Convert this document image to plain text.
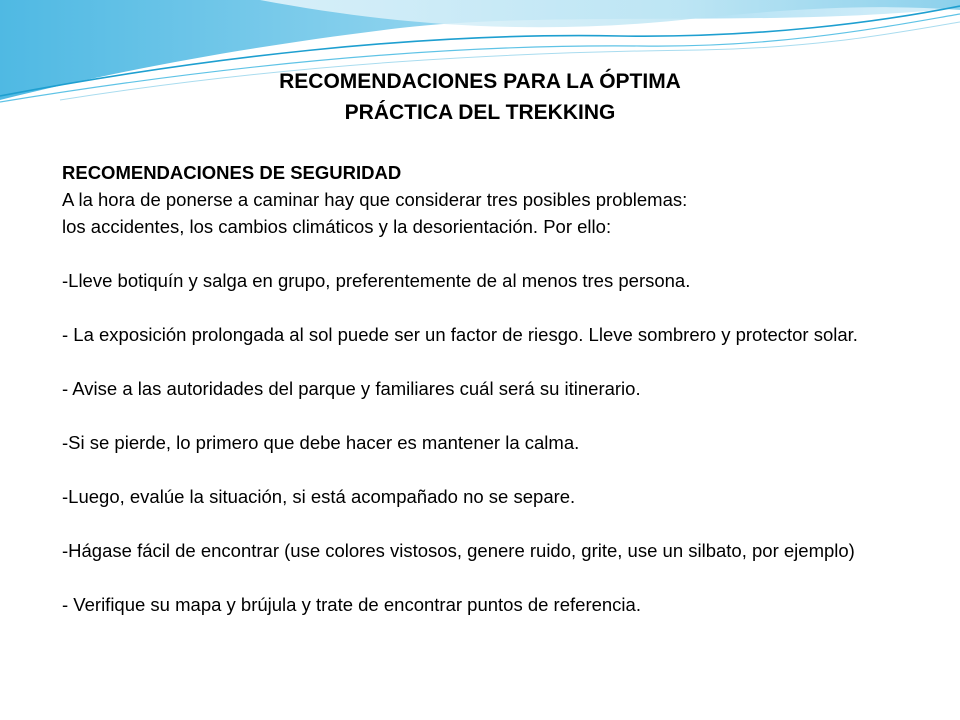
RECOMENDACIONES PARA LA ÓPTIMA
PRÁCTICA DEL TREKKING

RECOMENDACIONES DE SEGURIDAD

A la hora de ponerse a caminar hay que considerar tres posibles problemas:

los accidentes, los cambios climáticos y la desorientación. Por ello:

-Lleve botiquín y salga en grupo, preferentemente de al menos tres persona.

- La exposición prolongada al sol puede ser un factor de riesgo. Lleve sombrero y protector solar.

- Avise a las autoridades del parque y familiares cuál será su itinerario.

-Si se pierde, lo primero que debe hacer es mantener la calma.

-Luego, evalúe la situación, si está acompañado no se separe.

-Hágase fácil de encontrar (use colores vistosos, genere ruido, grite, use un silbato, por ejemplo)

- Verifique su mapa y brújula y trate de encontrar puntos de referencia.
